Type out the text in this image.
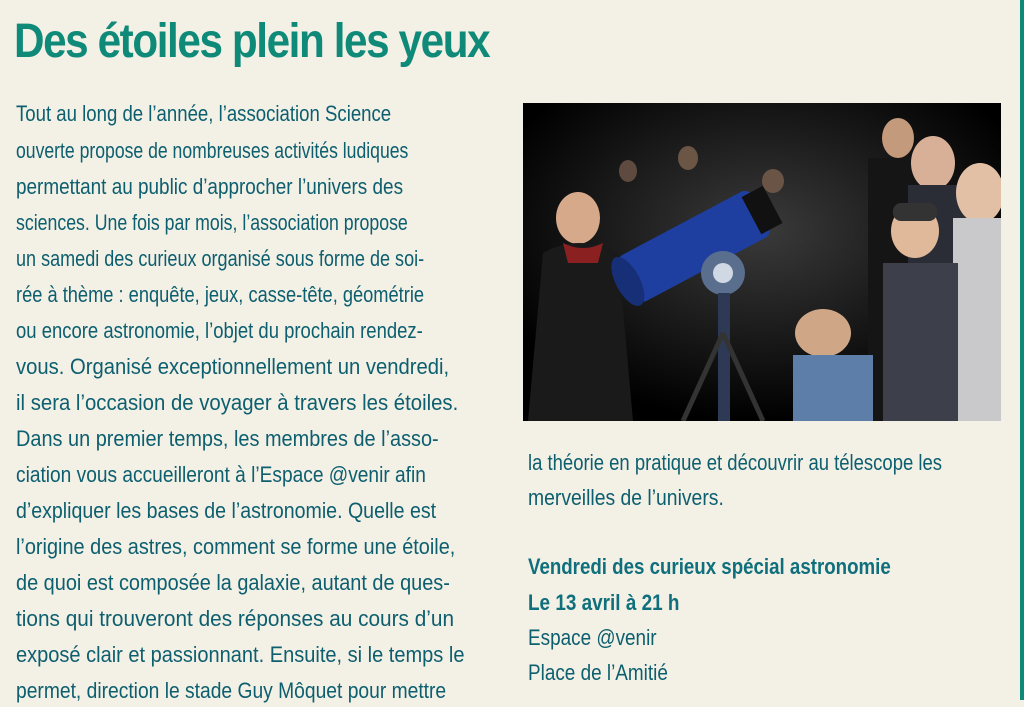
Des étoiles plein les yeux

Tout au long de l’année, l’association Science

ouverte propose de nombreuses activités ludiques

permettant au public d’approcher l’univers des

sciences. Une fois par mois, l’association propose

un samedi des curieux organisé sous forme de soi-

rée à thème : enquête, jeux, casse-tête, géométrie

ou encore astronomie, l’objet du prochain rendez-

vous. Organisé exceptionnellement un vendredi,

il sera l’occasion de voyager à travers les étoiles.

Dans un premier temps, les membres de l’asso-

ciation vous accueilleront à l’Espace @venir afin

d’expliquer les bases de l’astronomie. Quelle est

l’origine des astres, comment se forme une étoile,

de quoi est composée la galaxie, autant de ques-

tions qui trouveront des réponses au cours d’un

exposé clair et passionnant. Ensuite, si le temps le

permet, direction le stade Guy Môquet pour mettre

la théorie en pratique et découvrir au télescope les

merveilles de l’univers.

Vendredi des curieux spécial astronomie

Le 13 avril à 21 h

Espace @venir

Place de l’Amitié
